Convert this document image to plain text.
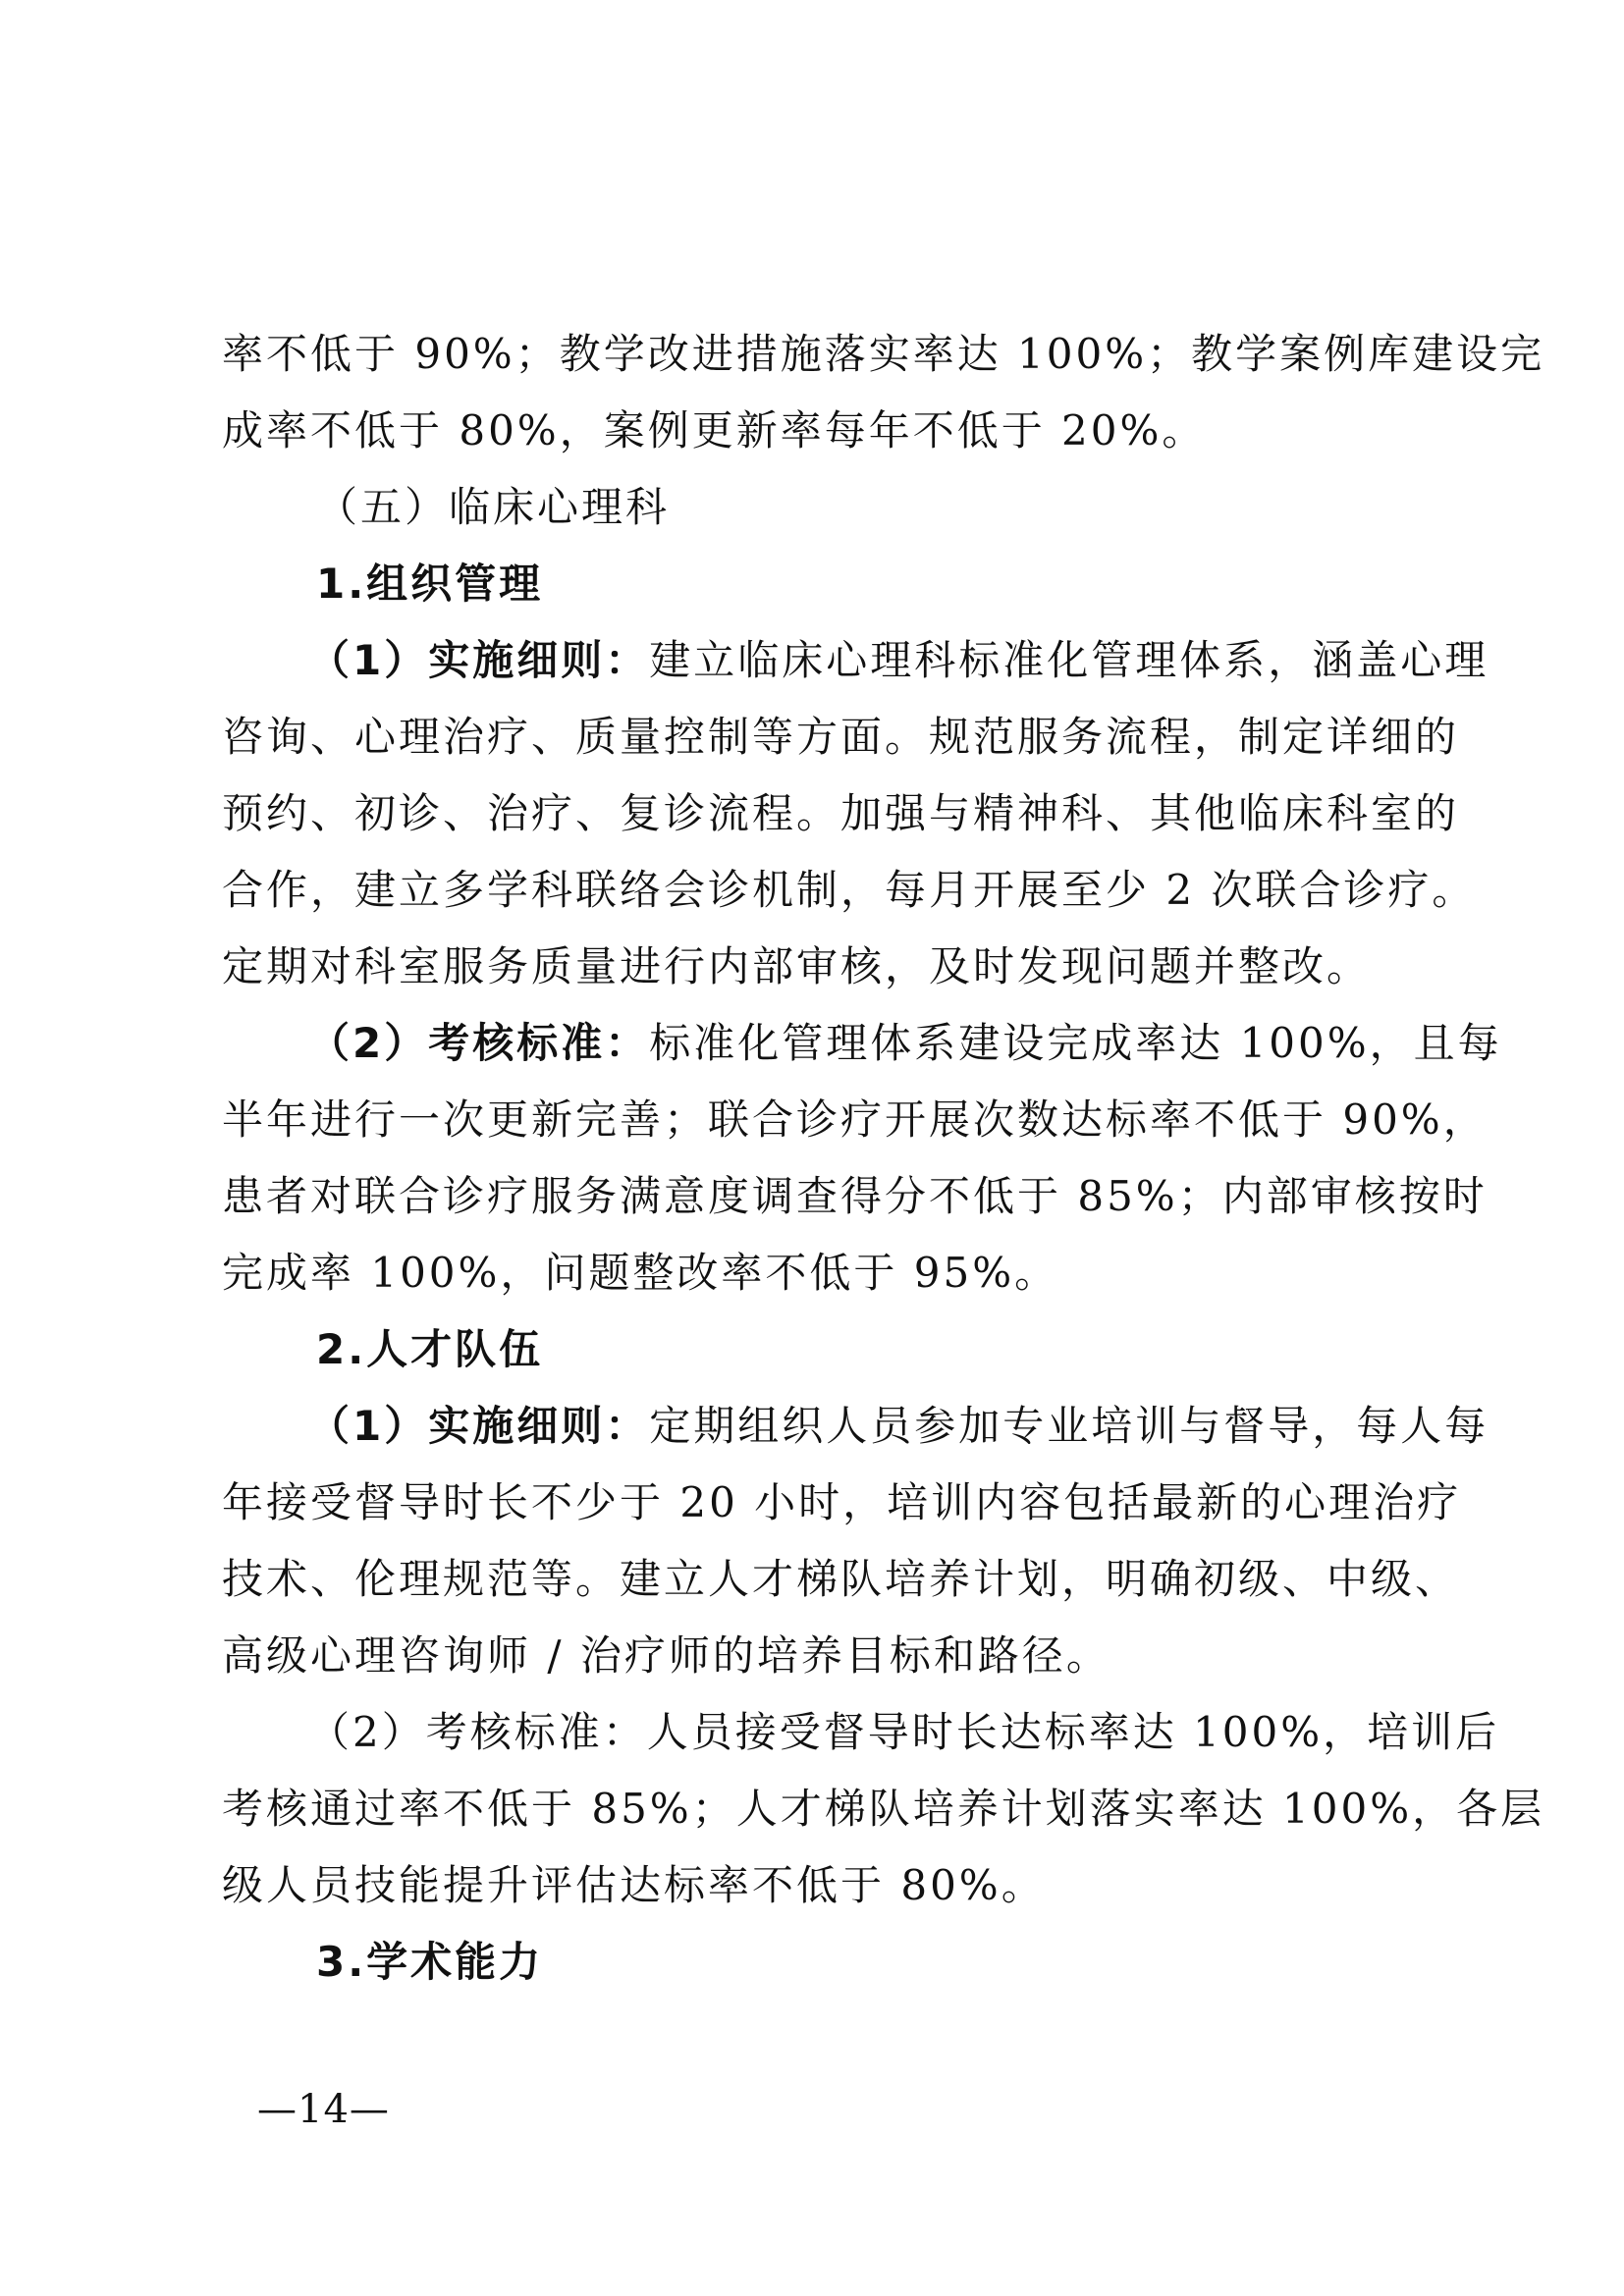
率不低于 90%；教学改进措施落实率达 100%；教学案例库建设完
成率不低于 80%，案例更新率每年不低于 20%。
（五）临床心理科
1.组织管理
（1）实施细则：建立临床心理科标准化管理体系，涵盖心理
咨询、心理治疗、质量控制等方面。规范服务流程，制定详细的
预约、初诊、治疗、复诊流程。加强与精神科、其他临床科室的
合作，建立多学科联络会诊机制，每月开展至少 2 次联合诊疗。
定期对科室服务质量进行内部审核，及时发现问题并整改。
（2）考核标准：标准化管理体系建设完成率达 100%，且每
半年进行一次更新完善；联合诊疗开展次数达标率不低于 90%，
患者对联合诊疗服务满意度调查得分不低于 85%；内部审核按时
完成率 100%，问题整改率不低于 95%。
2.人才队伍
（1）实施细则：定期组织人员参加专业培训与督导，每人每
年接受督导时长不少于 20 小时，培训内容包括最新的心理治疗
技术、伦理规范等。建立人才梯队培养计划，明确初级、中级、
高级心理咨询师 / 治疗师的培养目标和路径。
（2）考核标准：人员接受督导时长达标率达 100%，培训后
考核通过率不低于 85%；人才梯队培养计划落实率达 100%，各层
级人员技能提升评估达标率不低于 80%。
3.学术能力
—14—
